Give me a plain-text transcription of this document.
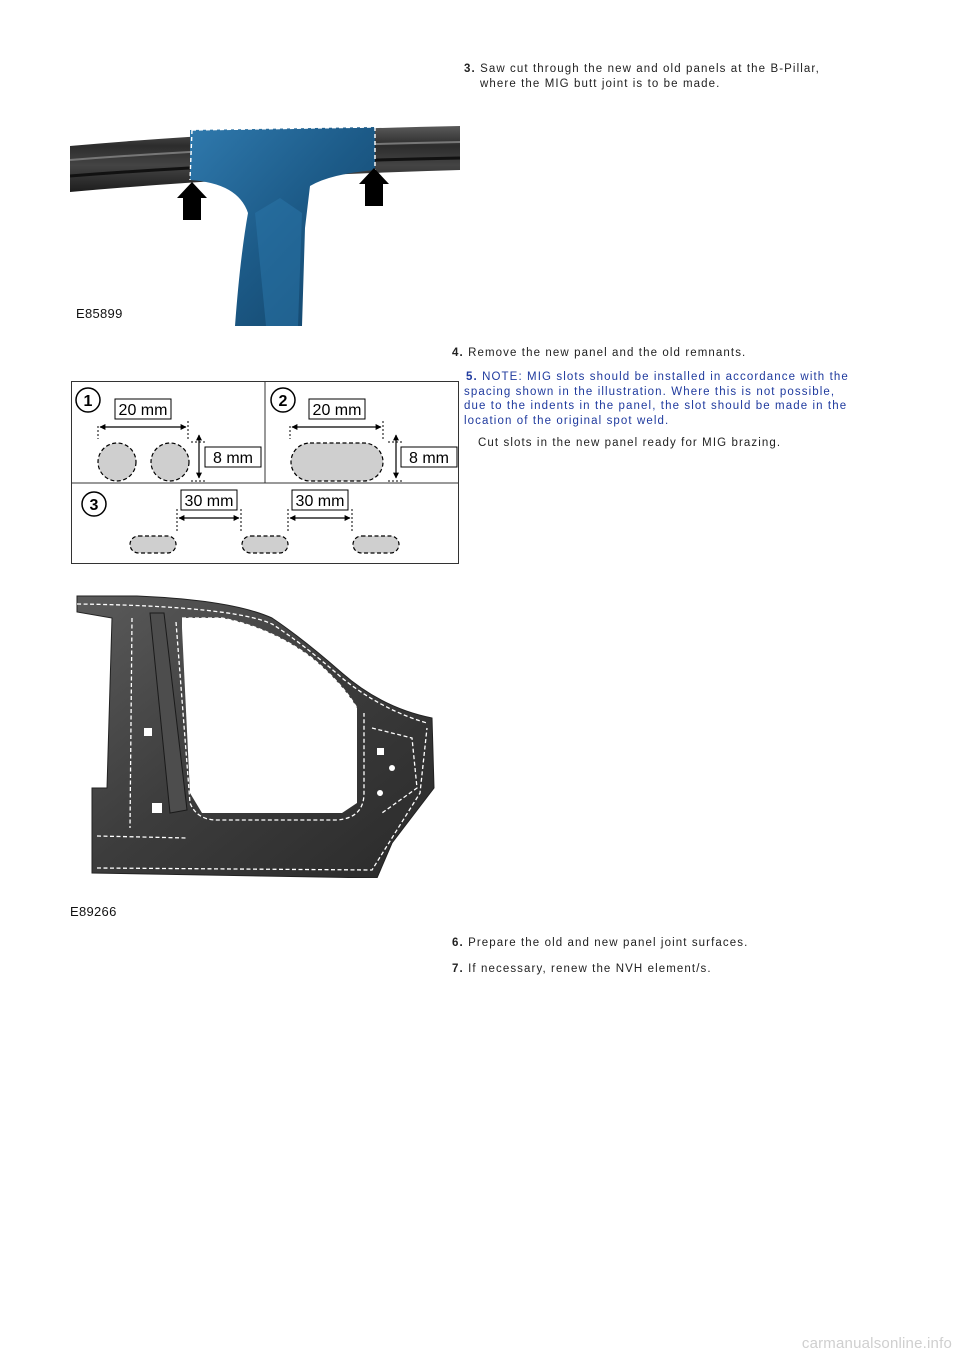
3. Saw cut through the new and old panels at the B-Pillar,
where the MIG butt joint is to be made.
E85899
4. Remove the new panel and the old remnants.
5. NOTE: MIG slots should be installed in accordance with the
spacing shown in the illustration. Where this is not possible,
due to the indents in the panel, the slot should be made in the
location of the original spot weld.
Cut slots in the new panel ready for MIG brazing.
1
20 mm
8 mm
2
20 mm
8 mm
3	30 mm	30 mm
E89266
6. Prepare the old and new panel joint surfaces.
7. If necessary, renew the NVH element/s.
carmanualsonline.info
